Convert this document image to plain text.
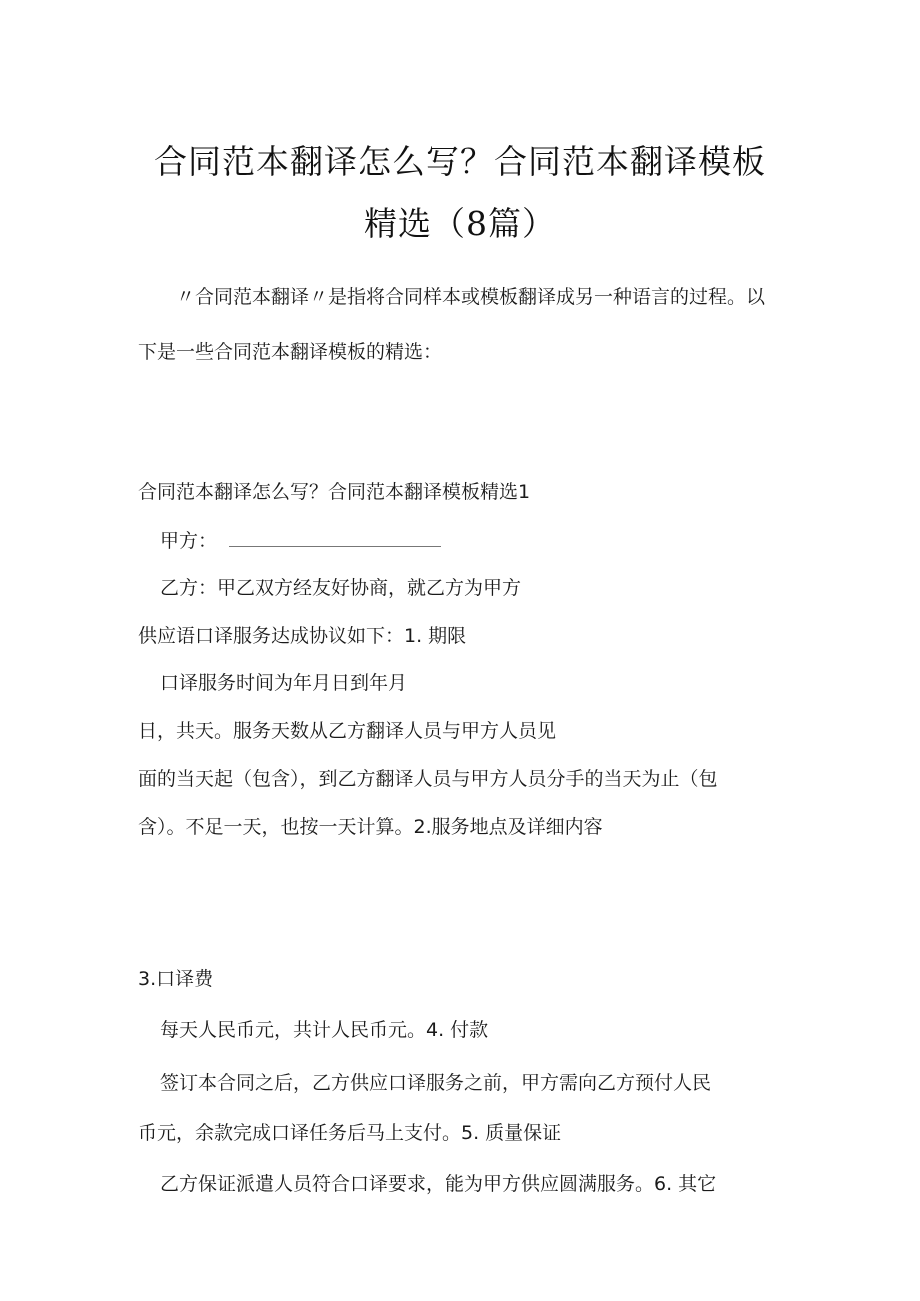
合同范本翻译怎么写？合同范本翻译模板
精选（8篇）
〃合同范本翻译〃是指将合同样本或模板翻译成另一种语言的过程。以
下是一些合同范本翻译模板的精选：
合同范本翻译怎么写？合同范本翻译模板精选1
甲方：
乙方：甲乙双方经友好协商，就乙方为甲方
供应语口译服务达成协议如下：1. 期限
口译服务时间为年月日到年月
日，共天。服务天数从乙方翻译人员与甲方人员见
面的当天起（包含），到乙方翻译人员与甲方人员分手的当天为止（包
含）。不足一天，也按一天计算。2.服务地点及详细内容
3.口译费
每天人民币元，共计人民币元。4. 付款
签订本合同之后，乙方供应口译服务之前，甲方需向乙方预付人民
币元，余款完成口译任务后马上支付。5. 质量保证
乙方保证派遣人员符合口译要求，能为甲方供应圆满服务。6. 其它
